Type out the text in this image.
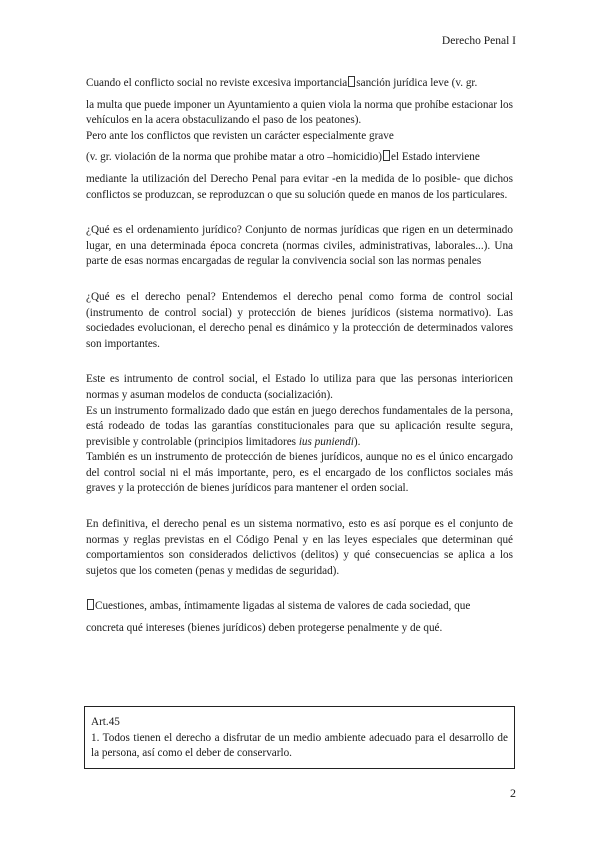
Derecho Penal I

Cuando el conflicto social no reviste excesiva importancia sanción jurídica leve (v. gr.

la multa que puede imponer un Ayuntamiento a quien viola la norma que prohíbe estacionar los vehículos en la acera obstaculizando el paso de los peatones).

Pero ante los conflictos que revisten un carácter especialmente grave

(v. gr. violación de la norma que prohibe matar a otro –homicidio) el Estado interviene

mediante la utilización del Derecho Penal para evitar -en la medida de lo posible- que dichos conflictos se produzcan, se reproduzcan o que su solución quede en manos de los particulares.

¿Qué es el ordenamiento jurídico? Conjunto de normas jurídicas que rigen en un determinado lugar, en una determinada época concreta (normas civiles, administrativas, laborales...). Una parte de esas normas encargadas de regular la convivencia social son las normas penales

¿Qué es el derecho penal? Entendemos el derecho penal como forma de control social (instrumento de control social) y protección de bienes jurídicos (sistema normativo). Las sociedades evolucionan, el derecho penal es dinámico y la protección de determinados valores son importantes.

Este es intrumento de control social, el Estado lo utiliza para que las personas interioricen normas y asuman modelos de conducta (socialización).

Es un instrumento formalizado dado que están en juego derechos fundamentales de la persona, está rodeado de todas las garantías constitucionales para que su aplicación resulte segura, previsible y controlable (principios limitadores ius puniendi).

También es un instrumento de protección de bienes jurídicos, aunque no es el único encargado del control social ni el más importante, pero, es el encargado de los conflictos sociales más graves y la protección de bienes jurídicos para mantener el orden social.

En definitiva, el derecho penal es un sistema normativo, esto es así porque es el conjunto de normas y reglas previstas en el Código Penal y en las leyes especiales que determinan qué comportamientos son considerados delictivos (delitos) y qué consecuencias se aplica a los sujetos que los cometen (penas y medidas de seguridad).

Cuestiones, ambas, íntimamente ligadas al sistema de valores de cada sociedad, que

concreta qué intereses (bienes jurídicos) deben protegerse penalmente y de qué.

Art.45

1. Todos tienen el derecho a disfrutar de un medio ambiente adecuado para el desarrollo de la persona, así como el deber de conservarlo.

2
